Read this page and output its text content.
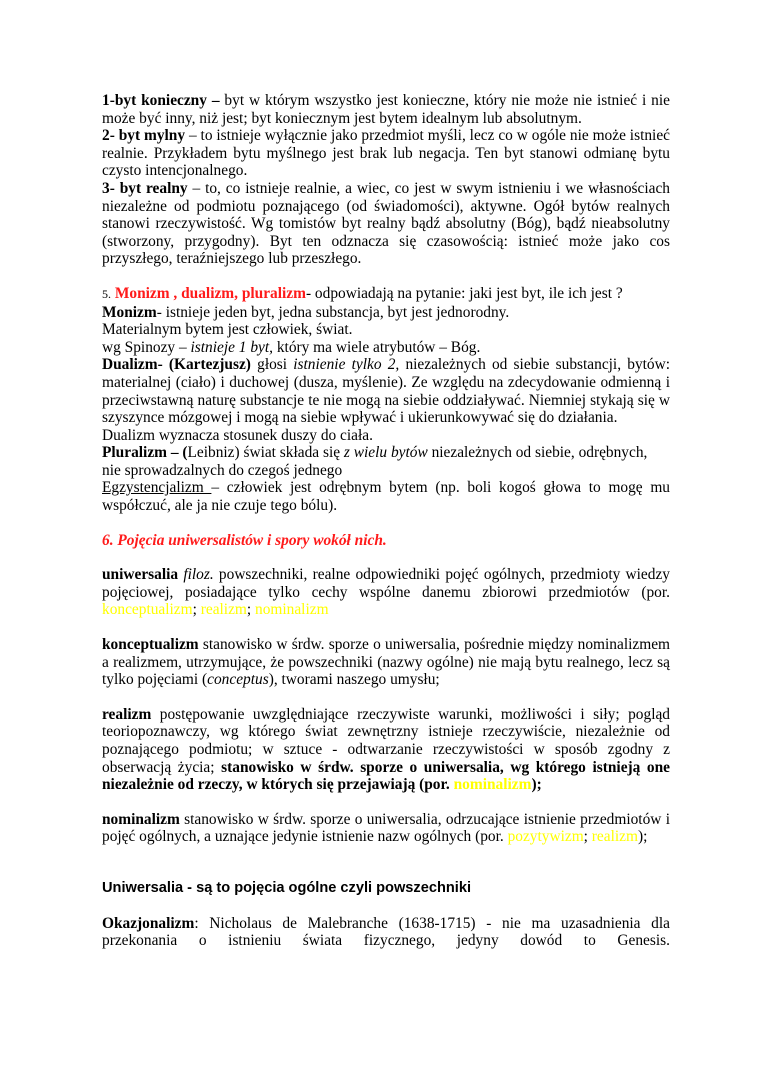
1-byt konieczny – byt w którym wszystko jest konieczne, który nie może nie istnieć i nie może być inny, niż jest; byt koniecznym jest bytem idealnym lub absolutnym.

2- byt mylny – to istnieje wyłącznie jako przedmiot myśli, lecz co w ogóle nie może istnieć realnie. Przykładem bytu myślnego jest brak lub negacja. Ten byt stanowi odmianę bytu czysto intencjonalnego.

3- byt realny – to, co istnieje realnie, a wiec, co jest w swym istnieniu i we własnościach niezależne od podmiotu poznającego (od świadomości), aktywne. Ogół bytów realnych stanowi rzeczywistość. Wg tomistów byt realny bądź absolutny (Bóg), bądź nieabsolutny (stworzony, przygodny). Byt ten odznacza się czasowością: istnieć może jako cos przyszłego, teraźniejszego lub przeszłego.

5. Monizm , dualizm, pluralizm- odpowiadają na pytanie: jaki jest byt, ile ich jest ?

Monizm- istnieje jeden byt, jedna substancja, byt jest jednorodny.

Materialnym bytem jest człowiek, świat.

wg Spinozy – istnieje 1 byt, który ma wiele atrybutów – Bóg.

Dualizm- (Kartezjusz) głosi istnienie tylko 2, niezależnych od siebie substancji, bytów: materialnej (ciało) i duchowej (dusza, myślenie). Ze względu na zdecydowanie odmienną i przeciwstawną naturę substancje te nie mogą na siebie oddziaływać. Niemniej stykają się w szyszynce mózgowej i mogą na siebie wpływać i ukierunkowywać się do działania.

Dualizm wyznacza stosunek duszy do ciała.

Pluralizm – (Leibniz) świat składa się z wielu bytów niezależnych od siebie, odrębnych, nie sprowadzalnych do czegoś jednego

Egzystencjalizm – człowiek jest odrębnym bytem (np. boli kogoś głowa to mogę mu współczuć, ale ja nie czuje tego bólu).

6. Pojęcia uniwersalistów i spory wokół nich.

uniwersalia filoz. powszechniki, realne odpowiedniki pojęć ogólnych, przedmioty wiedzy pojęciowej, posiadające tylko cechy wspólne danemu zbiorowi przedmiotów (por. konceptualizm; realizm; nominalizm

konceptualizm stanowisko w śrdw. sporze o uniwersalia, pośrednie między nominalizmem a realizmem, utrzymujące, że powszechniki (nazwy ogólne) nie mają bytu realnego, lecz są tylko pojęciami (conceptus), tworami naszego umysłu;

realizm postępowanie uwzględniające rzeczywiste warunki, możliwości i siły; pogląd teoriopoznawczy, wg którego świat zewnętrzny istnieje rzeczywiście, niezależnie od poznającego podmiotu; w sztuce - odtwarzanie rzeczywistości w sposób zgodny z obserwacją życia; stanowisko w śrdw. sporze o uniwersalia, wg którego istnieją one niezależnie od rzeczy, w których się przejawiają (por. nominalizm);

nominalizm stanowisko w śrdw. sporze o uniwersalia, odrzucające istnienie przedmiotów i pojęć ogólnych, a uznające jedynie istnienie nazw ogólnych (por. pozytywizm; realizm);

Uniwersalia - są to pojęcia ogólne czyli powszechniki

Okazjonalizm: Nicholaus de Malebranche (1638-1715) - nie ma uzasadnienia dla przekonania o istnieniu świata fizycznego, jedyny dowód to Genesis.
